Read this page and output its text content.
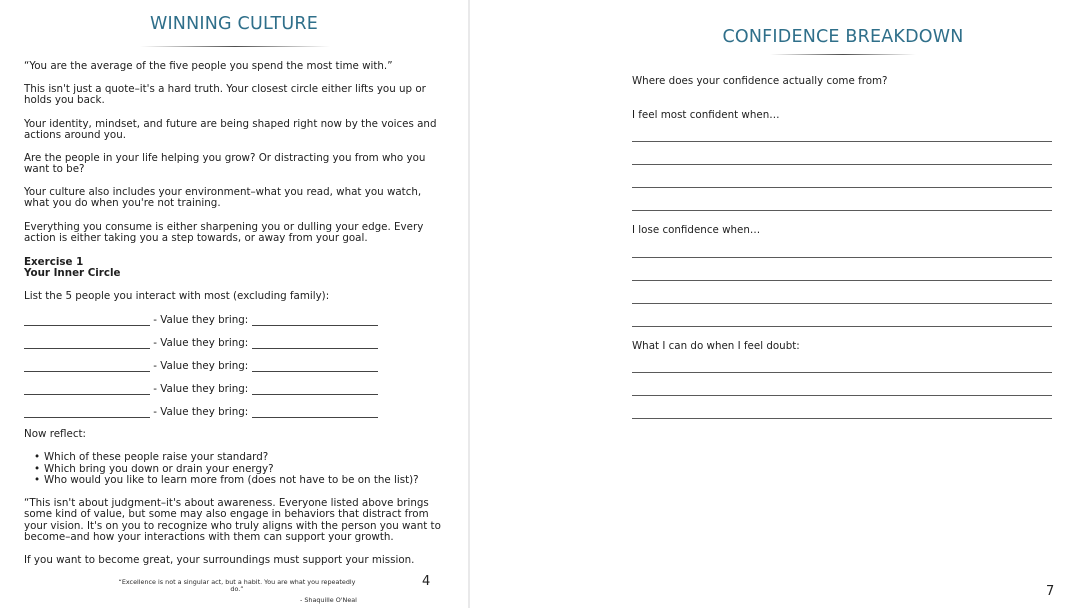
WINNING CULTURE
“You are the average of the five people you spend the most time with.”
This isn't just a quote–it's a hard truth. Your closest circle either lifts you up or holds you back.
Your identity, mindset, and future are being shaped right now by the voices and actions around you.
Are the people in your life helping you grow? Or distracting you from who you want to be?
Your culture also includes your environment–what you read, what you watch, what you do when you're not training.
Everything you consume is either sharpening you or dulling your edge. Every action is either taking you a step towards, or away from your goal.
Exercise 1
Your Inner Circle
List the 5 people you interact with most (excluding family):
- Value they bring:
- Value they bring:
- Value they bring:
- Value they bring:
- Value they bring:
Now reflect:
• Which of these people raise your standard?
• Which bring you down or drain your energy?
• Who would you like to learn more from (does not have to be on the list)?
“This isn't about judgment–it's about awareness. Everyone listed above brings some kind of value, but some may also engage in behaviors that distract from your vision. It's on you to recognize who truly aligns with the person you want to become–and how your interactions with them can support your growth.
If you want to become great, your surroundings must support your mission.
“Excellence is not a singular act, but a habit. You are what you repeatedly do.”
- Shaquille O'Neal
4
CONFIDENCE BREAKDOWN
Where does your confidence actually come from?
I feel most confident when…
I lose confidence when…
What I can do when I feel doubt:
7
